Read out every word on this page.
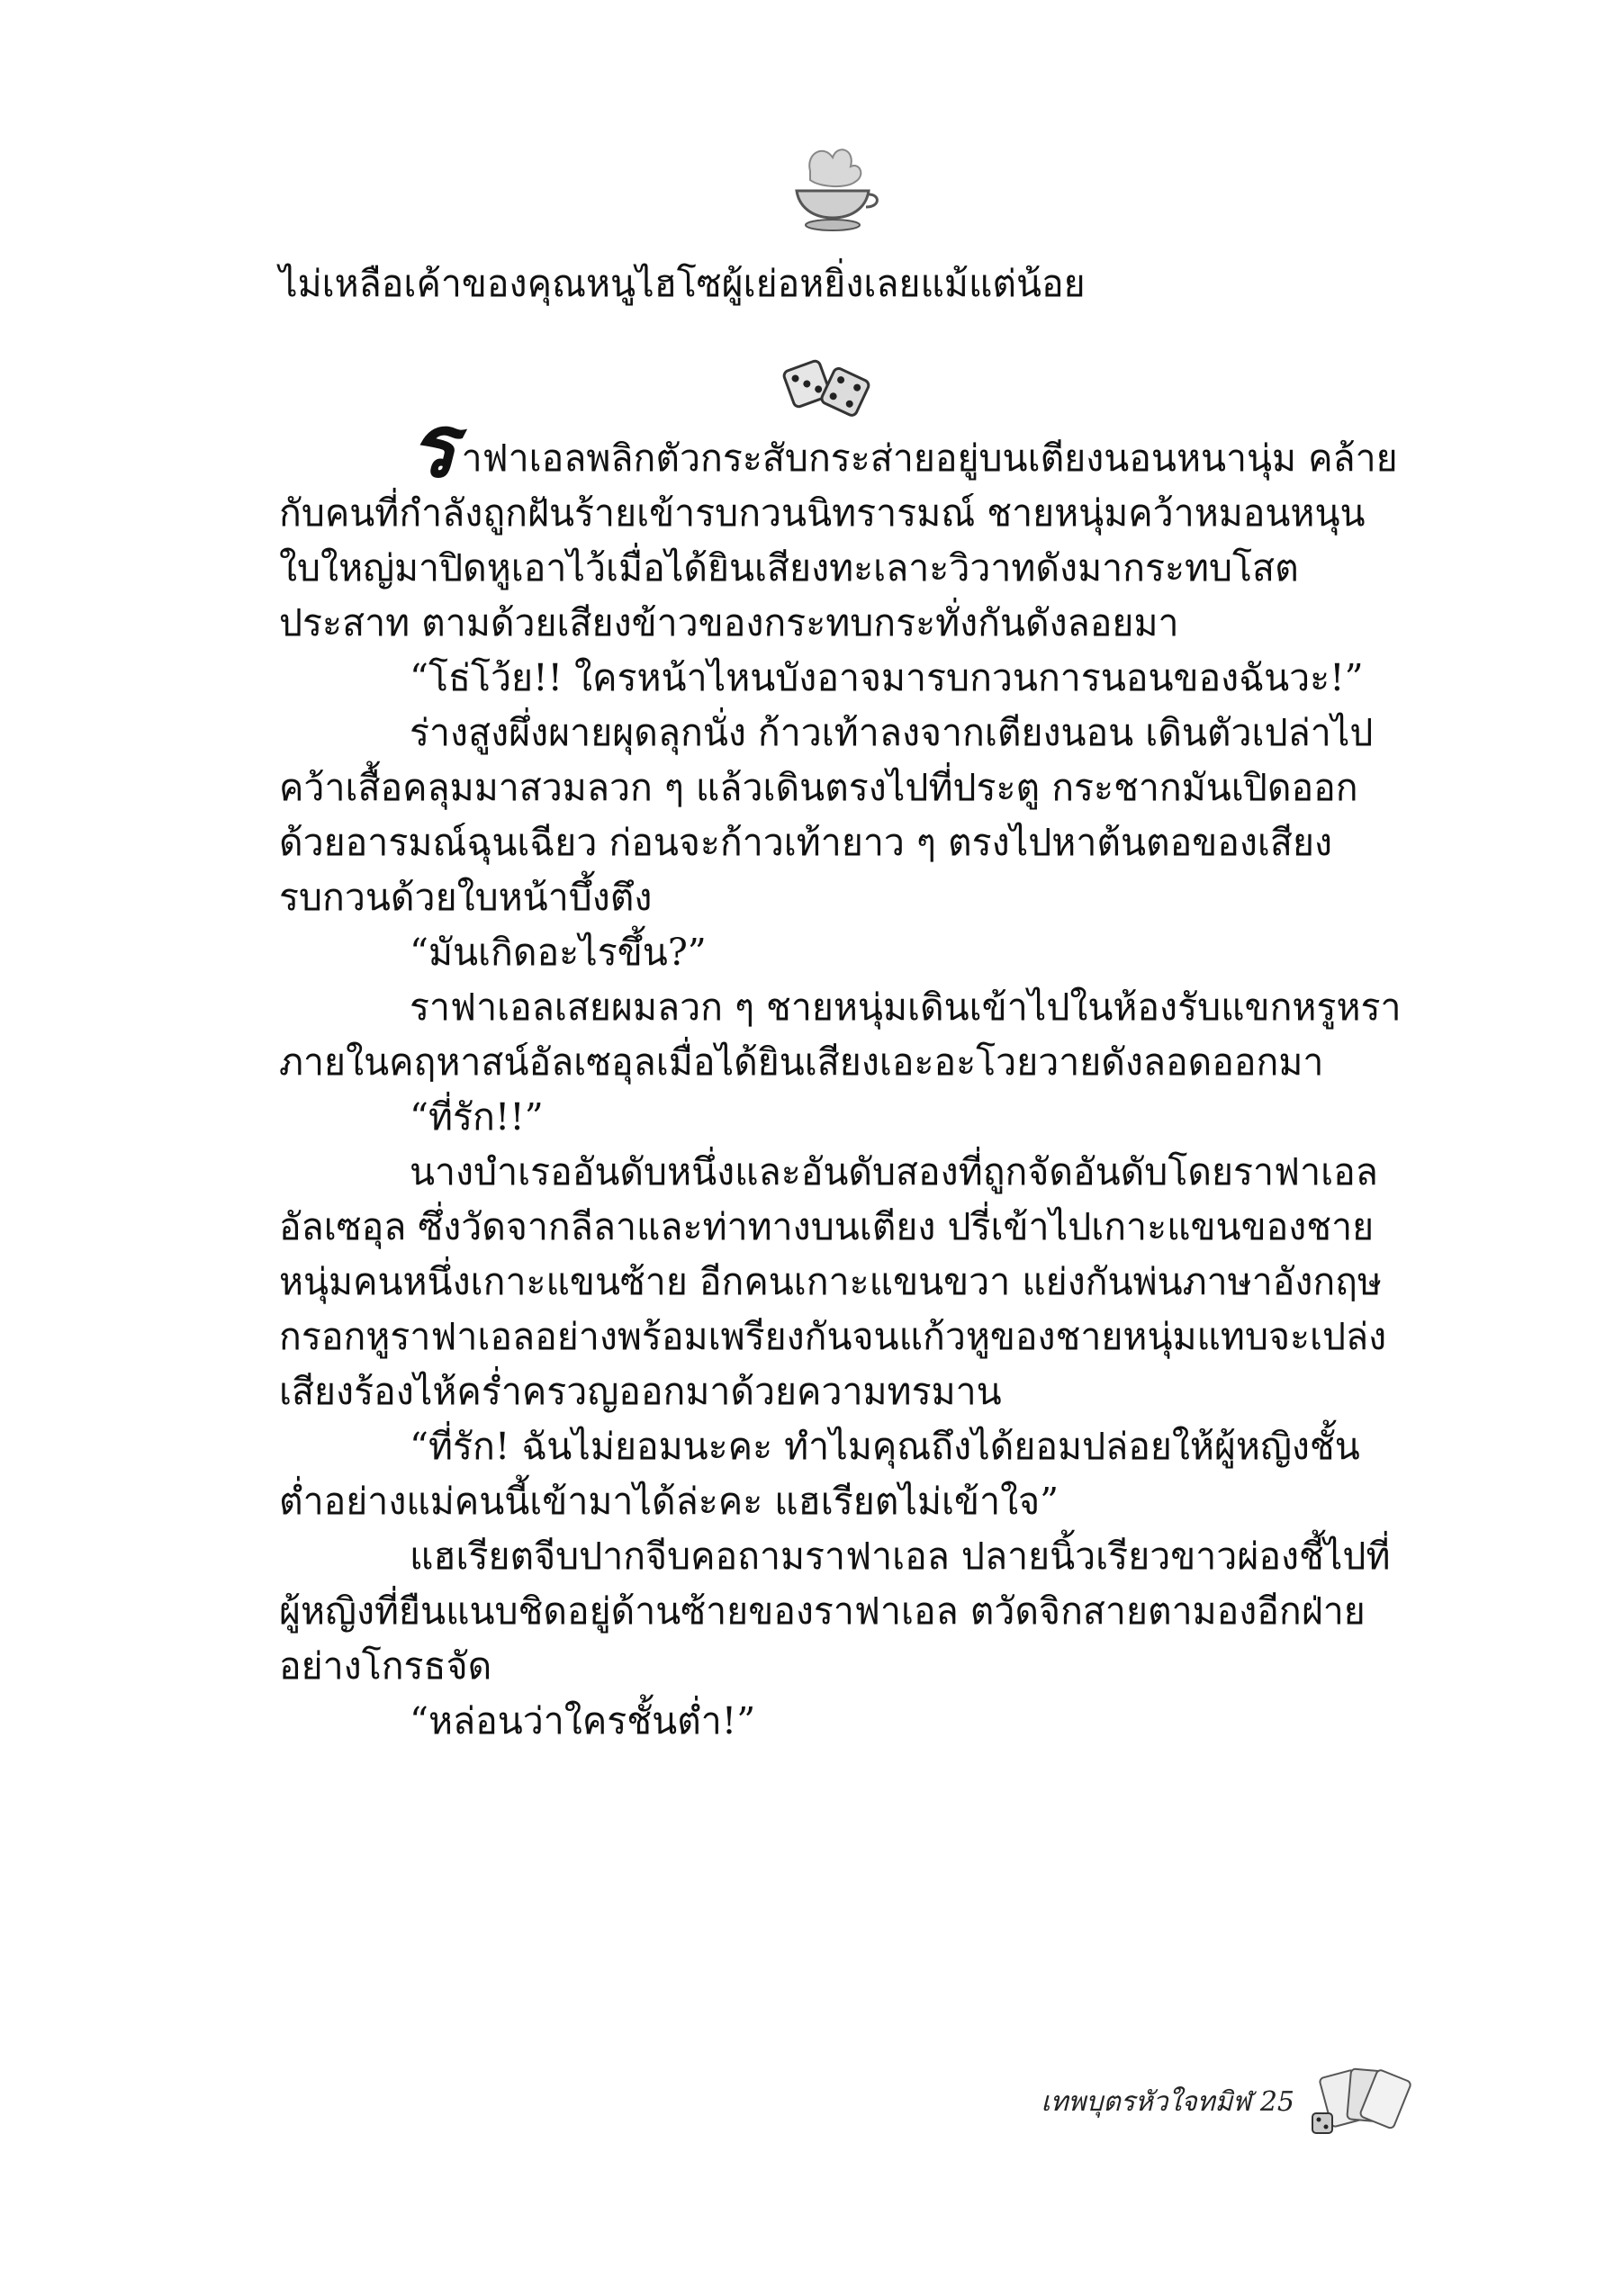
ไม่เหลือเค้าของคุณหนูไฮโซผู้เย่อหยิ่งเลยแม้แต่น้อย

ราฟาเอลพลิกตัวกระสับกระส่ายอยู่บนเตียงนอนหนานุ่ม คล้ายกับคนที่กำลังถูกฝันร้ายเข้ารบกวนนิทรารมณ์ ชายหนุ่มคว้าหมอนหนุนใบใหญ่มาปิดหูเอาไว้เมื่อได้ยินเสียงทะเลาะวิวาทดังมากระทบโสตประสาท ตามด้วยเสียงข้าวของกระทบกระทั่งกันดังลอยมา

“โธ่โว้ย!! ใครหน้าไหนบังอาจมารบกวนการนอนของฉันวะ!”

ร่างสูงผึ่งผายผุดลุกนั่ง ก้าวเท้าลงจากเตียงนอน เดินตัวเปล่าไปคว้าเสื้อคลุมมาสวมลวก ๆ แล้วเดินตรงไปที่ประตู กระชากมันเปิดออกด้วยอารมณ์ฉุนเฉียว ก่อนจะก้าวเท้ายาว ๆ ตรงไปหาต้นตอของเสียงรบกวนด้วยใบหน้าบึ้งตึง

“มันเกิดอะไรขึ้น?”

ราฟาเอลเสยผมลวก ๆ ชายหนุ่มเดินเข้าไปในห้องรับแขกหรูหราภายในคฤหาสน์อัลเซอุลเมื่อได้ยินเสียงเอะอะโวยวายดังลอดออกมา

“ที่รัก!!”

นางบำเรออันดับหนึ่งและอันดับสองที่ถูกจัดอันดับโดยราฟาเอล อัลเซอุล ซึ่งวัดจากลีลาและท่าทางบนเตียง ปรี่เข้าไปเกาะแขนของชายหนุ่มคนหนึ่งเกาะแขนซ้าย อีกคนเกาะแขนขวา แย่งกันพ่นภาษาอังกฤษกรอกหูราฟาเอลอย่างพร้อมเพรียงกันจนแก้วหูของชายหนุ่มแทบจะเปล่งเสียงร้องไห้คร่ำครวญออกมาด้วยความทรมาน

“ที่รัก! ฉันไม่ยอมนะคะ ทำไมคุณถึงได้ยอมปล่อยให้ผู้หญิงชั้นต่ำอย่างแม่คนนี้เข้ามาได้ล่ะคะ แฮเรียตไม่เข้าใจ”

แฮเรียตจีบปากจีบคอถามราฟาเอล ปลายนิ้วเรียวขาวผ่องชี้ไปที่ผู้หญิงที่ยืนแนบชิดอยู่ด้านซ้ายของราฟาเอล ตวัดจิกสายตามองอีกฝ่ายอย่างโกรธจัด

“หล่อนว่าใครชั้นต่ำ!”

เทพบุตรหัวใจทมิฬ 25
